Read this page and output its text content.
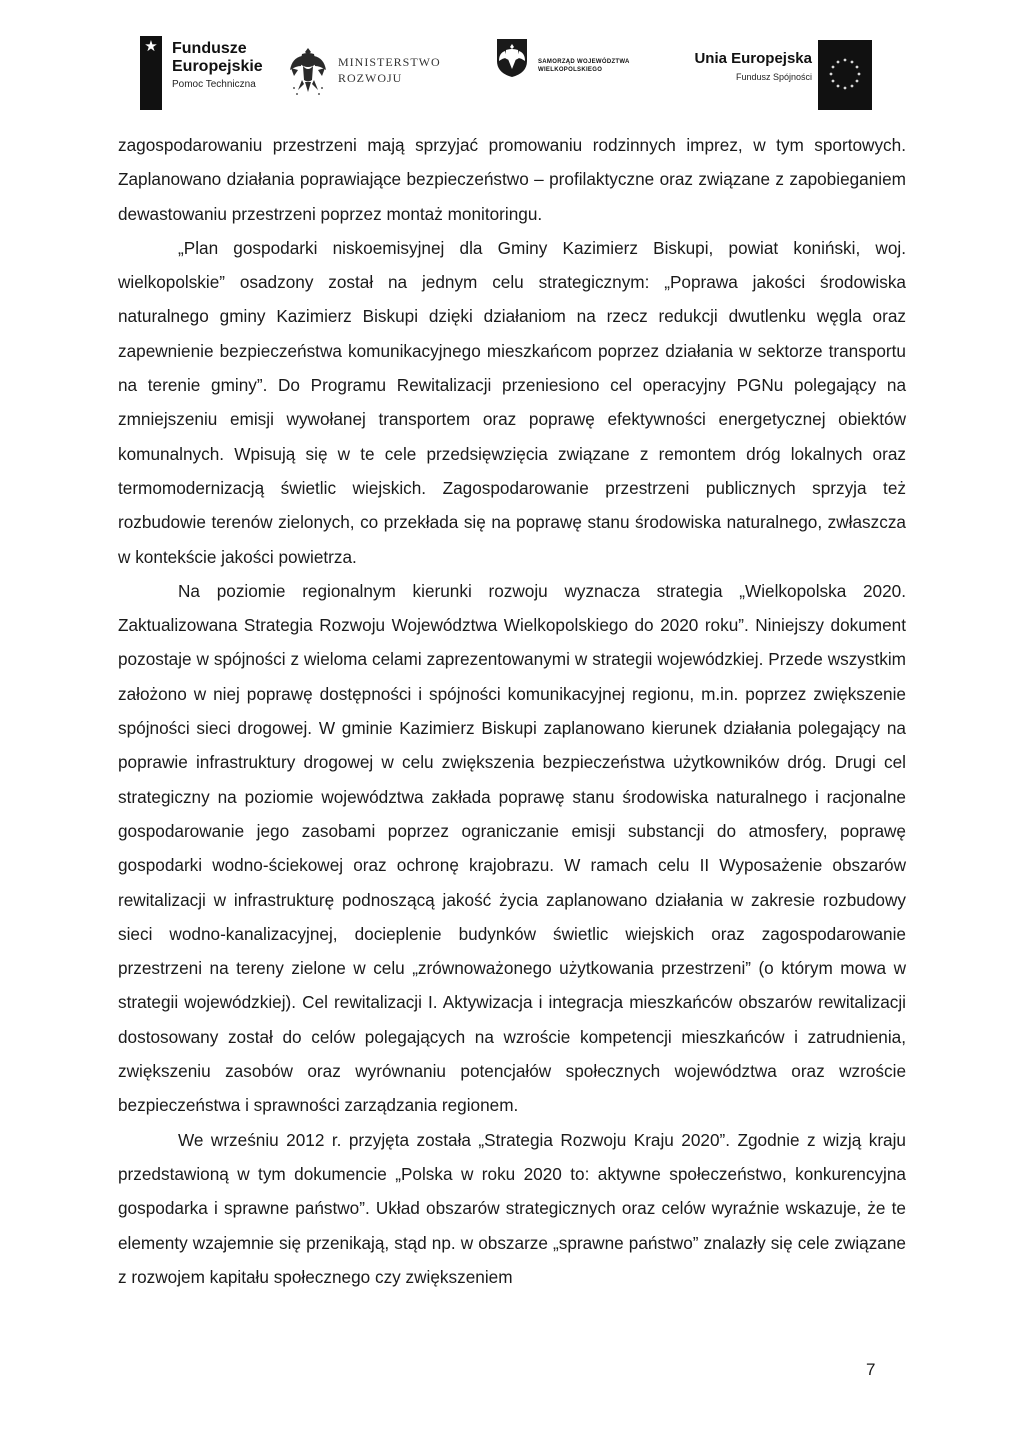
★ Fundusze
Europejskie
Pomoc Techniczna
MINISTERSTWO
ROZWOJU
SAMORZĄD WOJEWÓDZTWA
WIELKOPOLSKIEGO
Unia Europejska
Fundusz Spójności

zagospodarowaniu przestrzeni mają sprzyjać promowaniu rodzinnych imprez, w tym sportowych. Zaplanowano działania poprawiające bezpieczeństwo – profilaktyczne oraz związane z zapobieganiem dewastowaniu przestrzeni poprzez montaż monitoringu.

„Plan gospodarki niskoemisyjnej dla Gminy Kazimierz Biskupi, powiat koniński, woj. wielkopolskie” osadzony został na jednym celu strategicznym: „Poprawa jakości środowiska naturalnego gminy Kazimierz Biskupi dzięki działaniom na rzecz redukcji dwutlenku węgla oraz zapewnienie bezpieczeństwa komunikacyjnego mieszkańcom poprzez działania w sektorze transportu na terenie gminy”. Do Programu Rewitalizacji przeniesiono cel operacyjny PGNu polegający na zmniejszeniu emisji wywołanej transportem oraz poprawę efektywności energetycznej obiektów komunalnych. Wpisują się w te cele przedsięwzięcia związane z remontem dróg lokalnych oraz termomodernizacją świetlic wiejskich. Zagospodarowanie przestrzeni publicznych sprzyja też rozbudowie terenów zielonych, co przekłada się na poprawę stanu środowiska naturalnego, zwłaszcza w kontekście jakości powietrza.

Na poziomie regionalnym kierunki rozwoju wyznacza strategia „Wielkopolska 2020. Zaktualizowana Strategia Rozwoju Województwa Wielkopolskiego do 2020 roku”. Niniejszy dokument pozostaje w spójności z wieloma celami zaprezentowanymi w strategii wojewódzkiej. Przede wszystkim założono w niej poprawę dostępności i spójności komunikacyjnej regionu, m.in. poprzez zwiększenie spójności sieci drogowej. W gminie Kazimierz Biskupi zaplanowano kierunek działania polegający na poprawie infrastruktury drogowej w celu zwiększenia bezpieczeństwa użytkowników dróg. Drugi cel strategiczny na poziomie województwa zakłada poprawę stanu środowiska naturalnego i racjonalne gospodarowanie jego zasobami poprzez ograniczanie emisji substancji do atmosfery, poprawę gospodarki wodno-ściekowej oraz ochronę krajobrazu. W ramach celu II Wyposażenie obszarów rewitalizacji w infrastrukturę podnoszącą jakość życia zaplanowano działania w zakresie rozbudowy sieci wodno-kanalizacyjnej, docieplenie budynków świetlic wiejskich oraz zagospodarowanie przestrzeni na tereny zielone w celu „zrównoważonego użytkowania przestrzeni” (o którym mowa w strategii wojewódzkiej). Cel rewitalizacji I. Aktywizacja i integracja mieszkańców obszarów rewitalizacji dostosowany został do celów polegających na wzroście kompetencji mieszkańców i zatrudnienia, zwiększeniu zasobów oraz wyrównaniu potencjałów społecznych województwa oraz wzroście bezpieczeństwa i sprawności zarządzania regionem.

We wrześniu 2012 r. przyjęta została „Strategia Rozwoju Kraju 2020”. Zgodnie z wizją kraju przedstawioną w tym dokumencie „Polska w roku 2020 to: aktywne społeczeństwo, konkurencyjna gospodarka i sprawne państwo”. Układ obszarów strategicznych oraz celów wyraźnie wskazuje, że te elementy wzajemnie się przenikają, stąd np. w obszarze „sprawne państwo” znalazły się cele związane z rozwojem kapitału społecznego czy zwiększeniem

7
